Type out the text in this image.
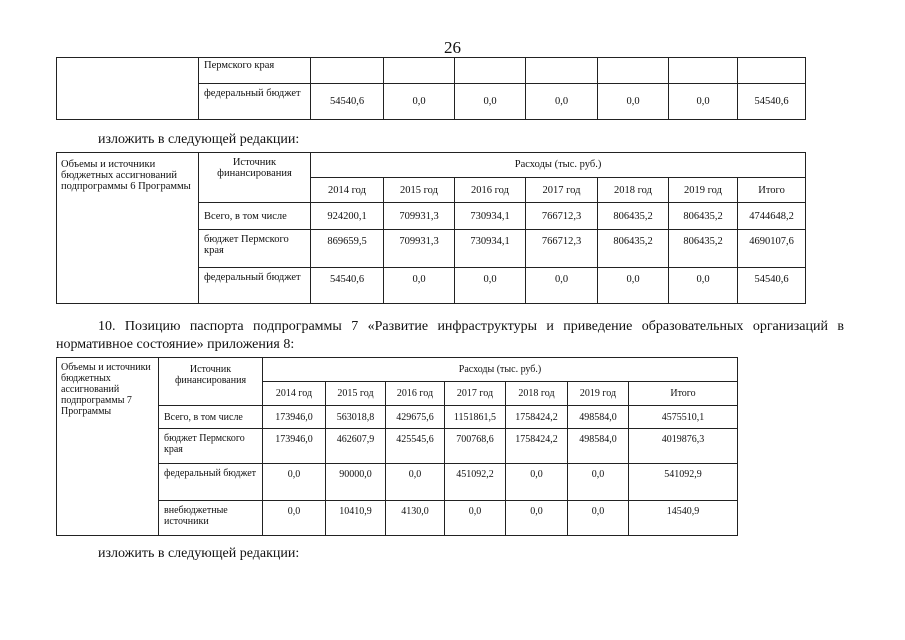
26
	Пермского края							
	федеральный бюджет	54540,6	0,0	0,0	0,0	0,0	0,0	54540,6
изложить в следующей редакции:
Объемы и источники бюджетных ассигнований подпрограммы 6 Программы	Источник финансирования	Расходы (тыс. руб.)						
		2014 год	2015 год	2016 год	2017 год	2018 год	2019 год	Итого
	Всего, в том числе	924200,1	709931,3	730934,1	766712,3	806435,2	806435,2	4744648,2
	бюджет Пермского края	869659,5	709931,3	730934,1	766712,3	806435,2	806435,2	4690107,6
	федеральный бюджет	54540,6	0,0	0,0	0,0	0,0	0,0	54540,6
10. Позицию паспорта подпрограммы 7 «Развитие инфраструктуры и приведение образовательных организаций в нормативное состояние» приложения 8:
Объемы и источники бюджетных ассигнований подпрограммы 7 Программы	Источник финансирования	Расходы (тыс. руб.)						
		2014 год	2015 год	2016 год	2017 год	2018 год	2019 год	Итого
	Всего, в том числе	173946,0	563018,8	429675,6	1151861,5	1758424,2	498584,0	4575510,1
	бюджет Пермского края	173946,0	462607,9	425545,6	700768,6	1758424,2	498584,0	4019876,3
	федеральный бюджет	0,0	90000,0	0,0	451092,2	0,0	0,0	541092,9
	внебюджетные источники	0,0	10410,9	4130,0	0,0	0,0	0,0	14540,9
изложить в следующей редакции:
